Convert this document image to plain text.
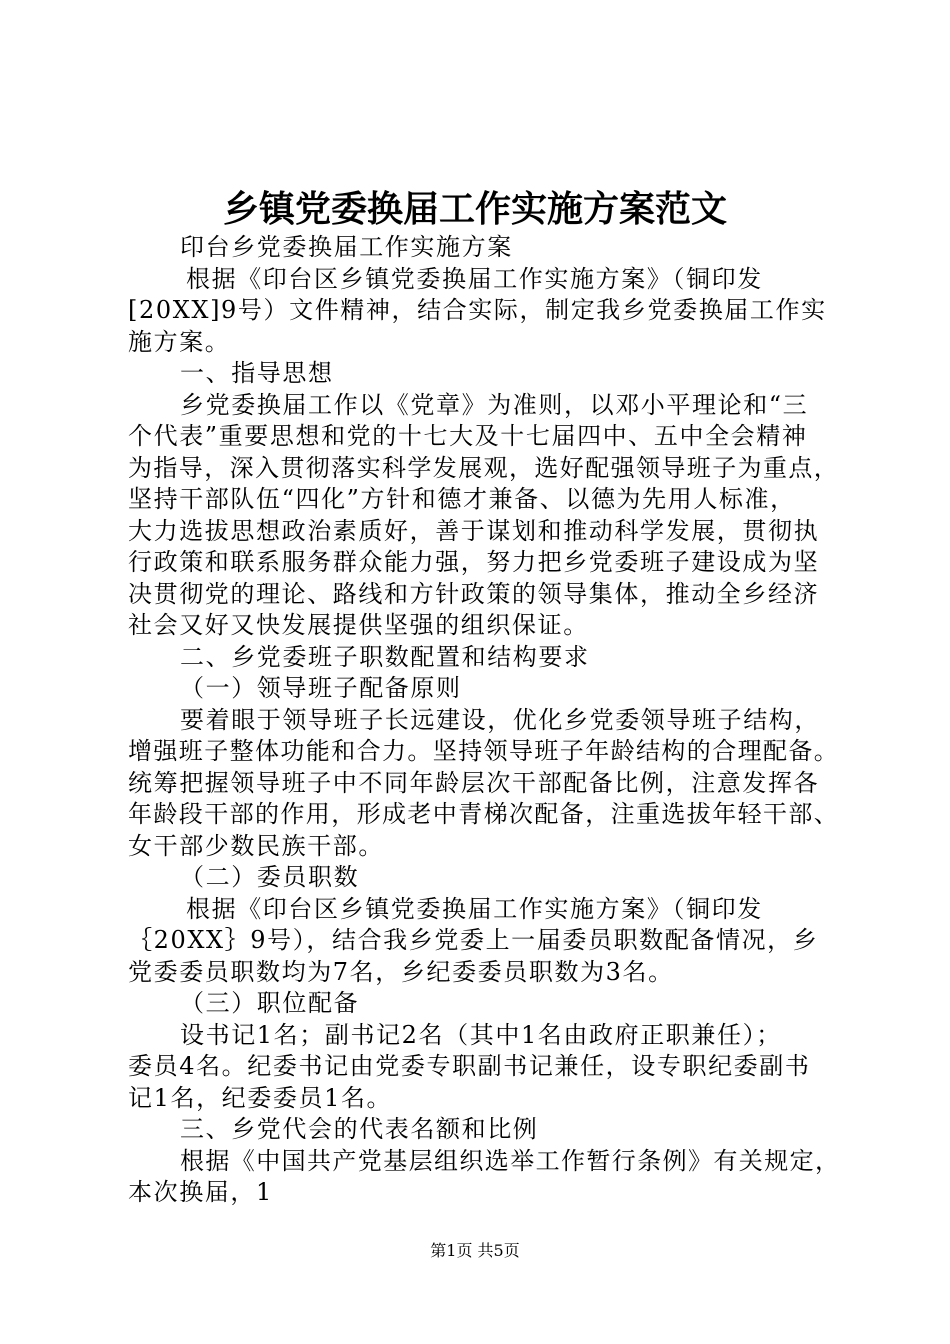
乡镇党委换届工作实施方案范文
印台乡党委换届工作实施方案
根据《印台区乡镇党委换届工作实施方案》（铜印发
[20XX]9号）文件精神，结合实际，制定我乡党委换届工作实
施方案。
一、指导思想
乡党委换届工作以《党章》为准则，以邓小平理论和“三
个代表”重要思想和党的十七大及十七届四中、五中全会精神
为指导，深入贯彻落实科学发展观，选好配强领导班子为重点，
坚持干部队伍“四化”方针和德才兼备、以德为先用人标准，
大力选拔思想政治素质好，善于谋划和推动科学发展，贯彻执
行政策和联系服务群众能力强，努力把乡党委班子建设成为坚
决贯彻党的理论、路线和方针政策的领导集体，推动全乡经济
社会又好又快发展提供坚强的组织保证。
二、乡党委班子职数配置和结构要求
（一）领导班子配备原则
要着眼于领导班子长远建设，优化乡党委领导班子结构，
增强班子整体功能和合力。坚持领导班子年龄结构的合理配备。
统筹把握领导班子中不同年龄层次干部配备比例，注意发挥各
年龄段干部的作用，形成老中青梯次配备，注重选拔年轻干部、
女干部少数民族干部。
（二）委员职数
根据《印台区乡镇党委换届工作实施方案》（铜印发
｛20XX｝9号），结合我乡党委上一届委员职数配备情况，乡
党委委员职数均为7名，乡纪委委员职数为3名。
（三）职位配备
设书记1名；副书记2名（其中1名由政府正职兼任）；
委员4名。纪委书记由党委专职副书记兼任，设专职纪委副书
记1名，纪委委员1名。
三、乡党代会的代表名额和比例
根据《中国共产党基层组织选举工作暂行条例》有关规定，
本次换届，1
第1页 共5页
